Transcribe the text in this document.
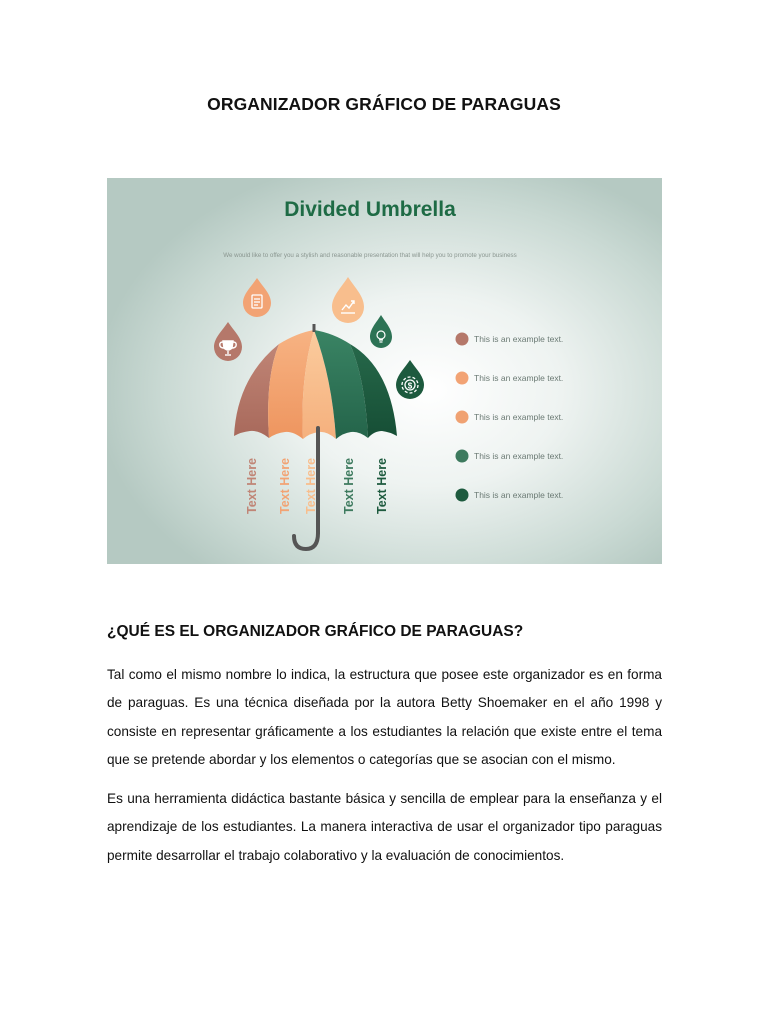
ORGANIZADOR GRÁFICO DE PARAGUAS
Divided Umbrella
We would like to offer you a stylish and reasonable presentation that will help you to promote your business
Text Here Text Here Text Here Text Here Text Here
$
This is an example text.
This is an example text.
This is an example text.
This is an example text.
This is an example text.
¿QUÉ ES EL ORGANIZADOR GRÁFICO DE PARAGUAS?
Tal como el mismo nombre lo indica, la estructura que posee este organizador es en forma de paraguas. Es una técnica diseñada por la autora Betty Shoemaker en el año 1998 y consiste en representar gráficamente a los estudiantes la relación que existe entre el tema que se pretende abordar y los elementos o categorías que se asocian con el mismo.
Es una herramienta didáctica bastante básica y sencilla de emplear para la enseñanza y el aprendizaje de los estudiantes. La manera interactiva de usar el organizador tipo paraguas permite desarrollar el trabajo colaborativo y la evaluación de conocimientos.
